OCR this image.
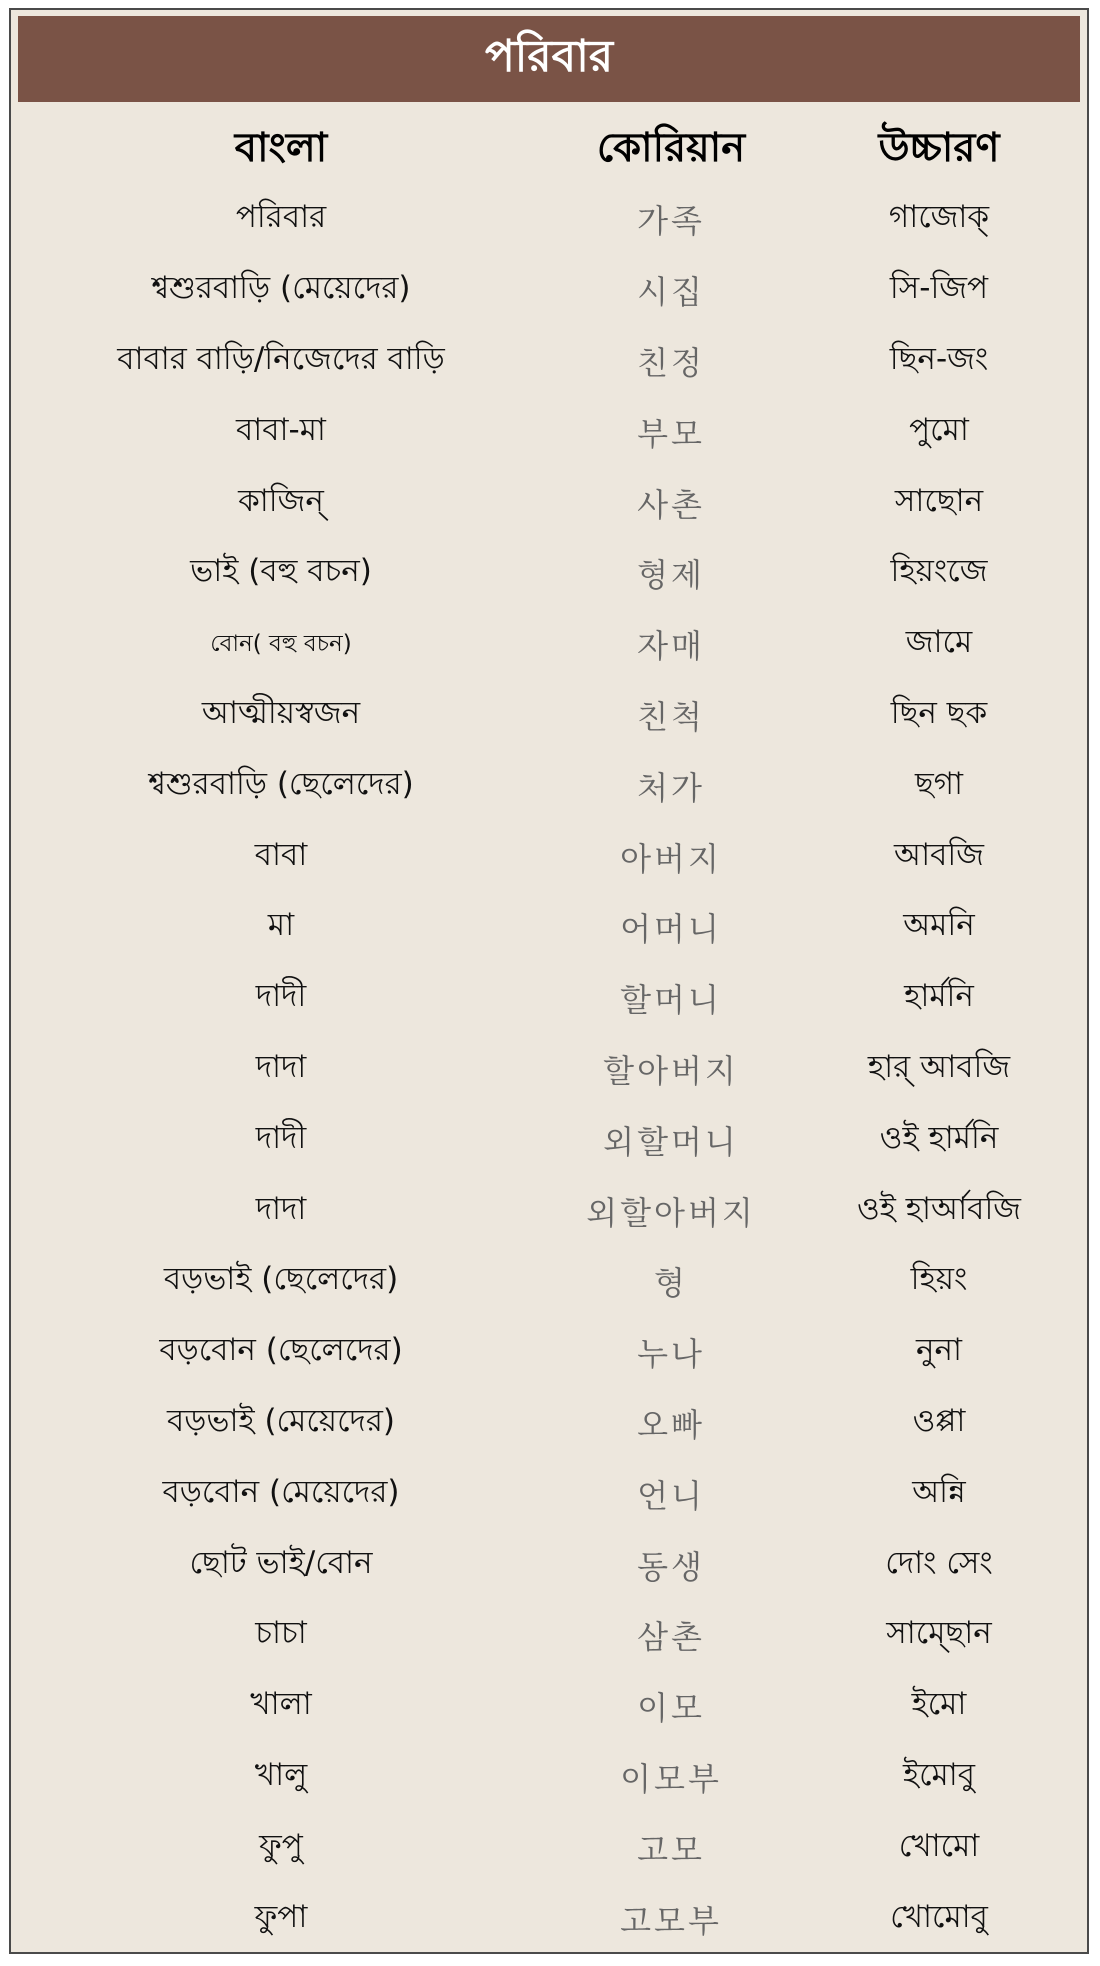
পরিবার
বাংলা	কোরিয়ান	উচ্চারণ
পরিবার	가족	গাজোক্
শ্বশুরবাড়ি (মেয়েদের)	시집	সি-জিপ
বাবার বাড়ি/নিজেদের বাড়ি	친정	ছিন-জং
বাবা-মা	부모	পুমো
কাজিন্	사촌	সাছোন
ভাই (বহু বচন)	형제	হিয়ংজে
বোন( বহু বচন)	자매	জামে
আত্মীয়স্বজন	친척	ছিন ছক
শ্বশুরবাড়ি (ছেলেদের)	처가	ছগা
বাবা	아버지	আবজি
মা	어머니	অমনি
দাদী	할머니	হার্মনি
দাদা	할아버지	হার্ আবজি
দাদী	외할머니	ওই হার্মনি
দাদা	외할아버지	ওই হার্আবজি
বড়ভাই (ছেলেদের)	형	হিয়ং
বড়বোন (ছেলেদের)	누나	নুনা
বড়ভাই (মেয়েদের)	오빠	ওপ্পা
বড়বোন (মেয়েদের)	언니	অন্নি
ছোট ভাই/বোন	동생	দোং সেং
চাচা	삼촌	সাম্ছোন
খালা	이모	ইমো
খালু	이모부	ইমোবু
ফুপু	고모	খোমো
ফুপা	고모부	খোমোবু
